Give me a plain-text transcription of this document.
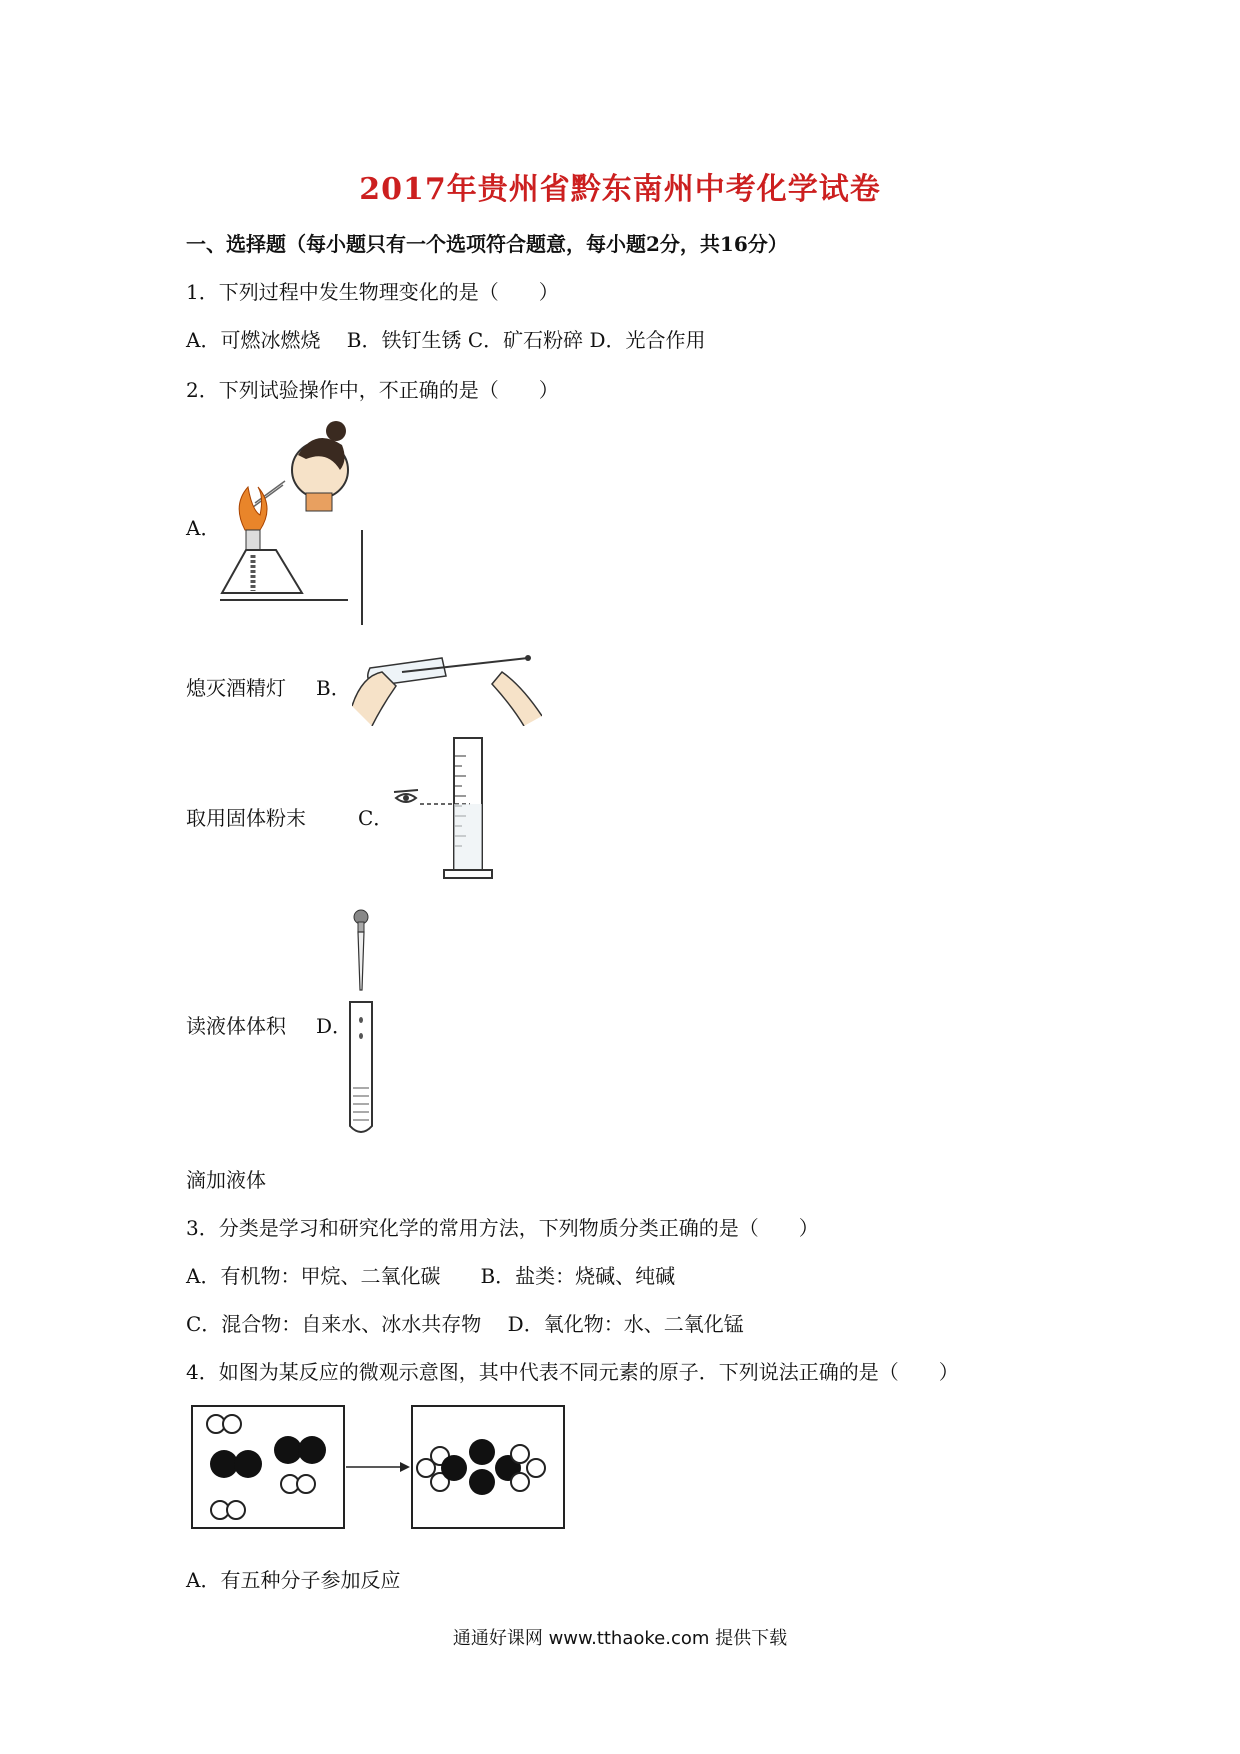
2017年贵州省黔东南州中考化学试卷
一、选择题（每小题只有一个选项符合题意，每小题2分，共16分）
1．下列过程中发生物理变化的是（　　）
A．可燃冰燃烧　 B．铁钉生锈 C．矿石粉碎 D．光合作用
2．下列试验操作中，不正确的是（　　）
A．
熄灭酒精灯 B．
取用固体粉末	C．
读液体体积 D．
滴加液体
3．分类是学习和研究化学的常用方法，下列物质分类正确的是（　　）
A．有机物：甲烷、二氧化碳　　B．盐类：烧碱、纯碱
C．混合物：自来水、冰水共存物　 D．氧化物：水、二氧化锰
4．如图为某反应的微观示意图，其中代表不同元素的原子．下列说法正确的是（　　）
A．有五种分子参加反应
通通好课网 www.tthaoke.com 提供下载
